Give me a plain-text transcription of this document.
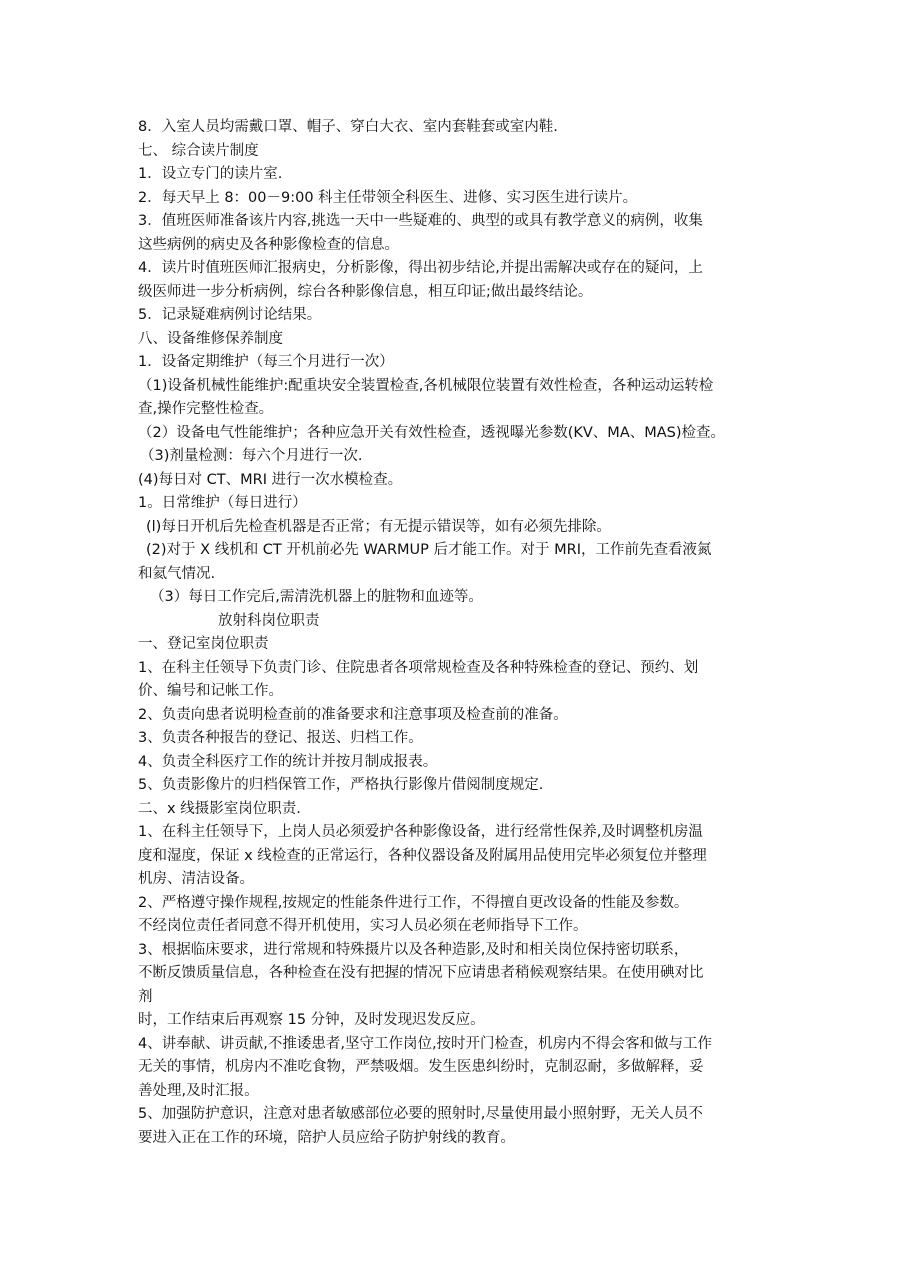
8．入室人员均需戴口罩、帽子、穿白大衣、室内套鞋套或室内鞋.
七、 综合读片制度
1．设立专门的读片室.
2．每天早上 8：00－9:00 科主任带领全科医生、进修、实习医生进行读片。
3．值班医师准备该片内容,挑选一天中一些疑难的、典型的或具有教学意义的病例，收集
这些病例的病史及各种影像检查的信息。
4．读片时值班医师汇报病史，分析影像，得出初步结论,并提出需解决或存在的疑问，上
级医师进一步分析病例，综台各种影像信息，相互印证;做出最终结论。
5．记录疑难病例讨论结果。
八、设备维修保养制度
1．设备定期维护（每三个月进行一次）
（1)设备机械性能维护:配重块安全装置检查,各机械限位装置有效性检查，各种运动运转检
查,操作完整性检查。
（2）设备电气性能维护；各种应急开关有效性检查，透视曝光参数(KV、MA、MAS)检查。
（3)剂量检测：每六个月进行一次.
(4)每日对 CT、MRI 进行一次水模检查。
1。日常维护（每日进行）
(l)每日开机后先检查机器是否正常；有无提示错误等，如有必须先排除。
(2)对于 X 线机和 CT 开机前必先 WARMUP 后才能工作。对于 MRI，工作前先查看液氮
和氦气情况.
（3）每日工作完后,需清洗机器上的脏物和血迹等。
放射科岗位职责
一、登记室岗位职责
1、在科主任领导下负责门诊、住院患者各项常规检查及各种特殊检查的登记、预约、划
价、编号和记帐工作。
2、负责向患者说明检查前的准备要求和注意事项及检查前的准备。
3、负责各种报告的登记、报送、归档工作。
4、负责全科医疗工作的统计并按月制成报表。
5、负责影像片的归档保管工作，严格执行影像片借阅制度规定.
二、x 线摄影室岗位职责.
1、在科主任领导下，上岗人员必须爱护各种影像设备，进行经常性保养,及时调整机房温
度和湿度，保证 x 线检查的正常运行，各种仪器设备及附属用品使用完毕必须复位并整理
机房、清洁设备。
2、严格遵守操作规程,按规定的性能条件进行工作，不得擅自更改设备的性能及参数。
不经岗位责任者同意不得开机使用，实习人员必须在老师指导下工作。
3、根据临床要求，进行常规和特殊摄片以及各种造影,及时和相关岗位保持密切联系，
不断反馈质量信息，各种检查在没有把握的情况下应请患者稍候观察结果。在使用碘对比
剂
时，工作结束后再观察 15 分钟，及时发现迟发反应。
4、讲奉献、讲贡献,不推诿患者,坚守工作岗位,按时开门检查，机房内不得会客和做与工作
无关的事情，机房内不准吃食物，严禁吸烟。发生医患纠纷时，克制忍耐，多做解释，妥
善处理,及时汇报。
5、加强防护意识，注意对患者敏感部位必要的照射时,尽量使用最小照射野，无关人员不
要进入正在工作的环境，陪护人员应给子防护射线的教育。
